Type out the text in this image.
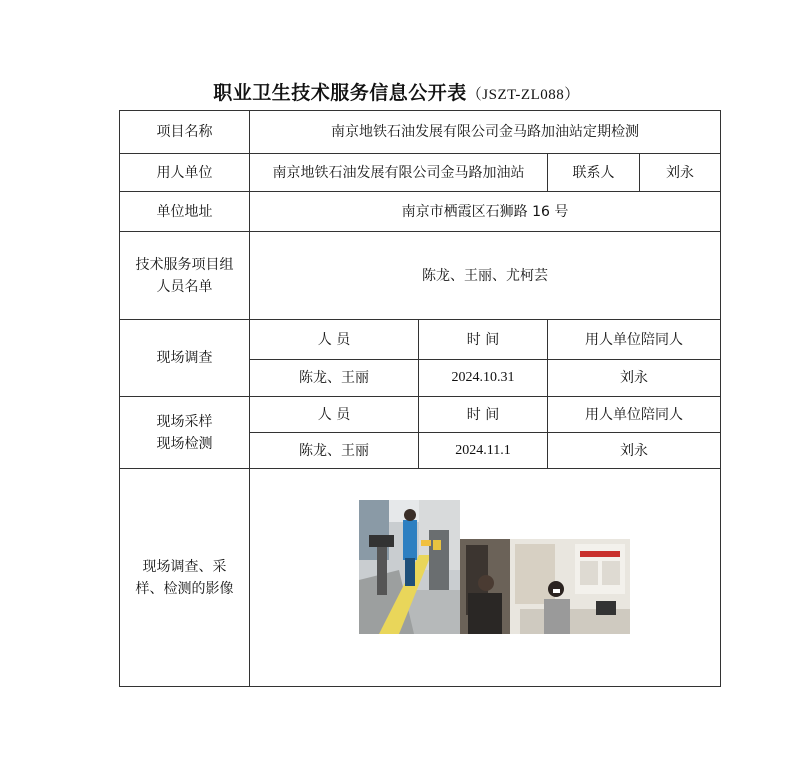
职业卫生技术服务信息公开表（JSZT-ZL088）
项目名称	南京地铁石油发展有限公司金马路加油站定期检测			
用人单位	南京地铁石油发展有限公司金马路加油站		联系人	刘永
单位地址	南京市栖霞区石狮路 16 号			

技术服务项目组人员名单	陈龙、王丽、尤柯芸			
现场调查	人 员	时 间	用人单位陪同人	
	陈龙、王丽	2024.10.31	刘永	

现场采样现场检测	人 员	时 间	用人单位陪同人	
	陈龙、王丽	2024.11.1	刘永	

现场调查、采样、检测的影像
